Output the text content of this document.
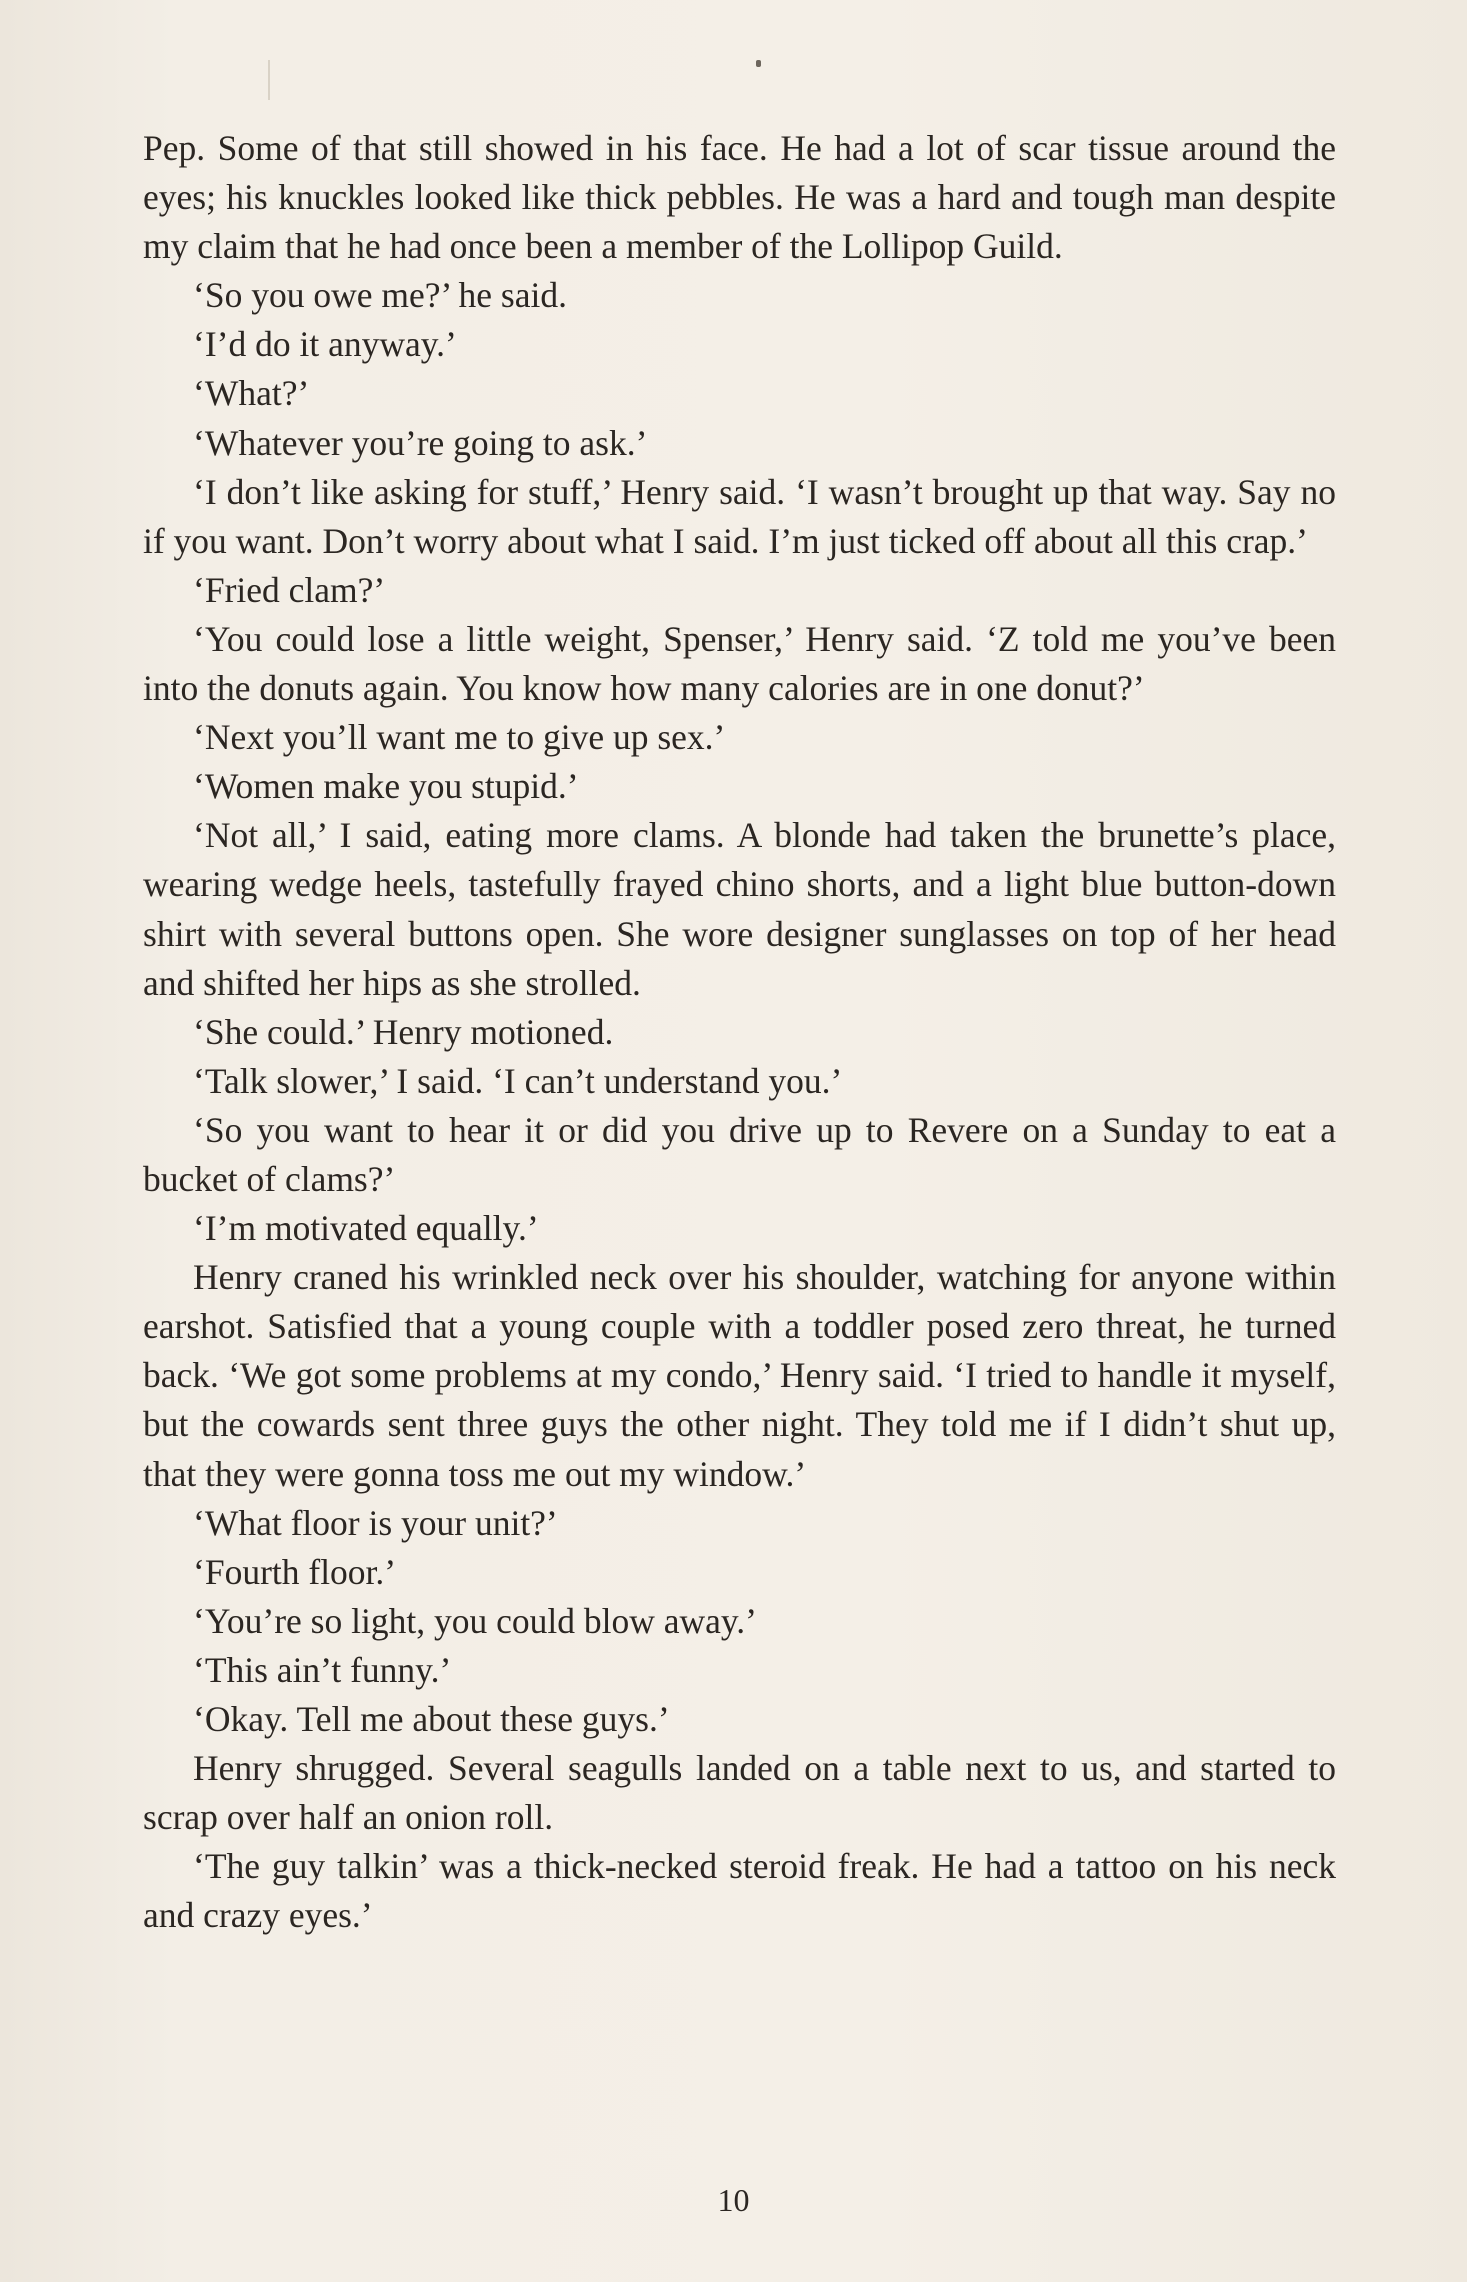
Pep. Some of that still showed in his face. He had a lot of scar tissue around the eyes; his knuckles looked like thick pebbles. He was a hard and tough man despite my claim that he had once been a member of the Lollipop Guild.

‘So you owe me?’ he said.

‘I’d do it anyway.’

‘What?’

‘Whatever you’re going to ask.’

‘I don’t like asking for stuff,’ Henry said. ‘I wasn’t brought up that way. Say no if you want. Don’t worry about what I said. I’m just ticked off about all this crap.’

‘Fried clam?’

‘You could lose a little weight, Spenser,’ Henry said. ‘Z told me you’ve been into the donuts again. You know how many calories are in one donut?’

‘Next you’ll want me to give up sex.’

‘Women make you stupid.’

‘Not all,’ I said, eating more clams. A blonde had taken the brunette’s place, wearing wedge heels, tastefully frayed chino shorts, and a light blue button-down shirt with several buttons open. She wore designer sunglasses on top of her head and shifted her hips as she strolled.

‘She could.’ Henry motioned.

‘Talk slower,’ I said. ‘I can’t understand you.’

‘So you want to hear it or did you drive up to Revere on a Sunday to eat a bucket of clams?’

‘I’m motivated equally.’

Henry craned his wrinkled neck over his shoulder, watching for anyone within earshot. Satisfied that a young couple with a toddler posed zero threat, he turned back. ‘We got some problems at my condo,’ Henry said. ‘I tried to handle it myself, but the cowards sent three guys the other night. They told me if I didn’t shut up, that they were gonna toss me out my window.’

‘What floor is your unit?’

‘Fourth floor.’

‘You’re so light, you could blow away.’

‘This ain’t funny.’

‘Okay. Tell me about these guys.’

Henry shrugged. Several seagulls landed on a table next to us, and started to scrap over half an onion roll.

‘The guy talkin’ was a thick-necked steroid freak. He had a tattoo on his neck and crazy eyes.’

10
